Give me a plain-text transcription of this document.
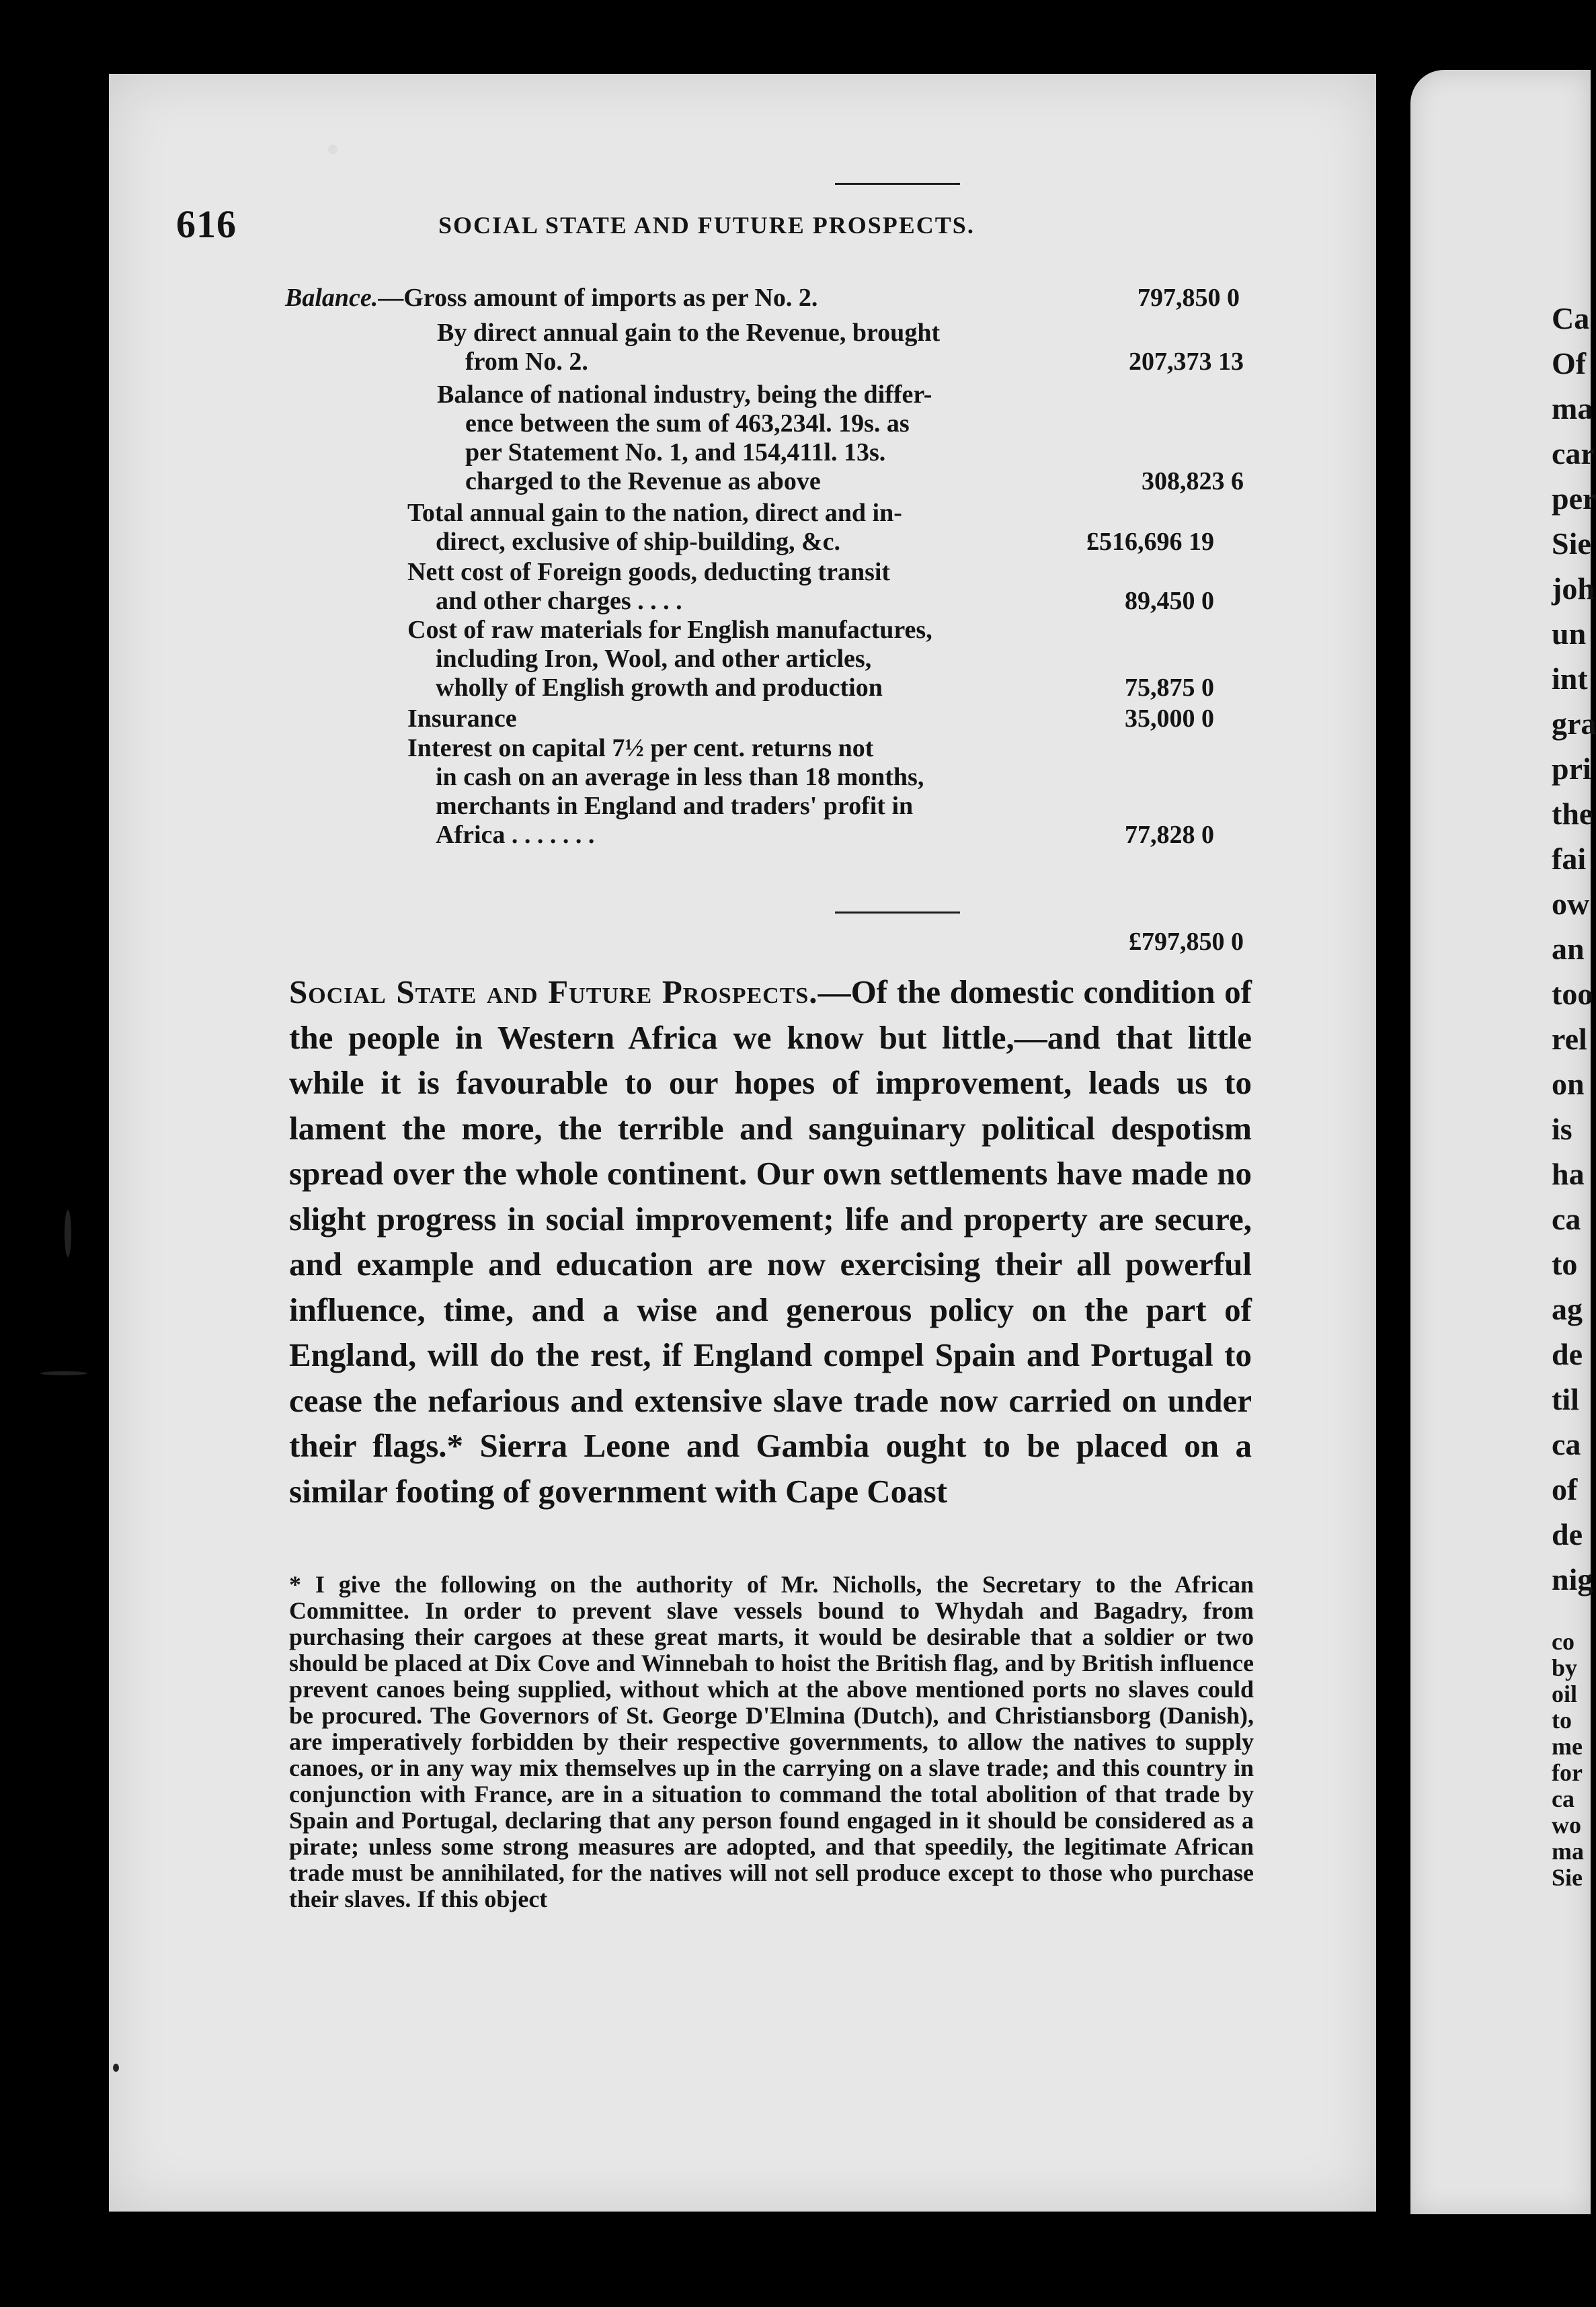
616	SOCIAL STATE AND FUTURE PROSPECTS.
Balance.—Gross amount of imports as per No. 2.	797,850 0
By direct annual gain to the Revenue, brought
from No. 2.	207,373 13
Balance of national industry, being the differ-
ence between the sum of 463,234l. 19s. as
per Statement No. 1, and 154,411l. 13s.
charged to the Revenue as above	308,823 6
Total annual gain to the nation, direct and in-
direct, exclusive of ship-building, &c.	£516,696 19
Nett cost of Foreign goods, deducting transit
and other charges . . . .	89,450 0
Cost of raw materials for English manufactures,
including Iron, Wool, and other articles,
wholly of English growth and production	75,875 0
Insurance	35,000 0
Interest on capital 7½ per cent. returns not
in cash on an average in less than 18 months,
merchants in England and traders' profit in
Africa . . . . . . .	77,828 0
£797,850 0
Social State and Future Prospects.—Of the domestic condition of the people in Western Africa we know but little,—and that little while it is favourable to our hopes of improvement, leads us to lament the more, the terrible and sanguinary political despotism spread over the whole continent. Our own settlements have made no slight progress in social improvement; life and property are secure, and example and education are now exercising their all powerful influence, time, and a wise and generous policy on the part of England, will do the rest, if England compel Spain and Portugal to cease the nefarious and extensive slave trade now carried on under their flags.* Sierra Leone and Gambia ought to be placed on a similar footing of government with Cape Coast
* I give the following on the authority of Mr. Nicholls, the Secretary to the African Committee. In order to prevent slave vessels bound to Whydah and Bagadry, from purchasing their cargoes at these great marts, it would be desirable that a soldier or two should be placed at Dix Cove and Winnebah to hoist the British flag, and by British influence prevent canoes being supplied, without which at the above mentioned ports no slaves could be procured. The Governors of St. George D'Elmina (Dutch), and Christiansborg (Danish), are imperatively forbidden by their respective governments, to allow the natives to supply canoes, or in any way mix themselves up in the carrying on a slave trade; and this country in conjunction with France, are in a situation to command the total abolition of that trade by Spain and Portugal, declaring that any person found engaged in it should be considered as a pirate; unless some strong measures are adopted, and that speedily, the legitimate African trade must be annihilated, for the natives will not sell produce except to those who purchase their slaves. If this object
Ca
Of
ma
car
per
Sie
joh
un
int
gra
pri
the
fai
ow
an
too
rel
on
is
ha
ca
to
ag
de
til
ca
of
de
nig
co
by
oil
to
me
for
ca
wo
ma
Sie
